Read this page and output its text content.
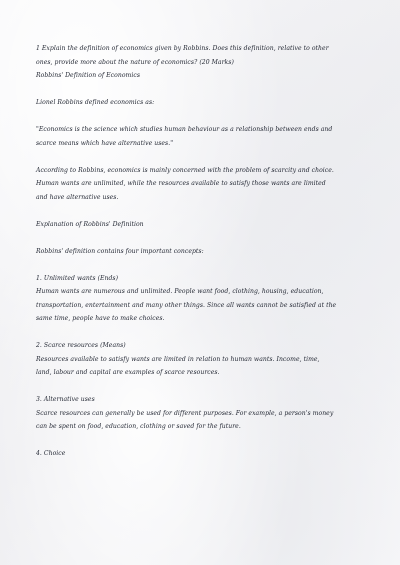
1 Explain the definition of economics given by Robbins. Does this definition, relative to other

ones, provide more about the nature of economics? (20 Marks)

Robbins' Definition of Economics

Lionel Robbins defined economics as:

"Economics is the science which studies human behaviour as a relationship between ends and

scarce means which have alternative uses."

According to Robbins, economics is mainly concerned with the problem of scarcity and choice.

Human wants are unlimited, while the resources available to satisfy those wants are limited

and have alternative uses.

Explanation of Robbins' Definition

Robbins' definition contains four important concepts:

1. Unlimited wants (Ends)

Human wants are numerous and unlimited. People want food, clothing, housing, education,

transportation, entertainment and many other things. Since all wants cannot be satisfied at the

same time, people have to make choices.

2. Scarce resources (Means)

Resources available to satisfy wants are limited in relation to human wants. Income, time,

land, labour and capital are examples of scarce resources.

3. Alternative uses

Scarce resources can generally be used for different purposes. For example, a person's money

can be spent on food, education, clothing or saved for the future.

4. Choice
